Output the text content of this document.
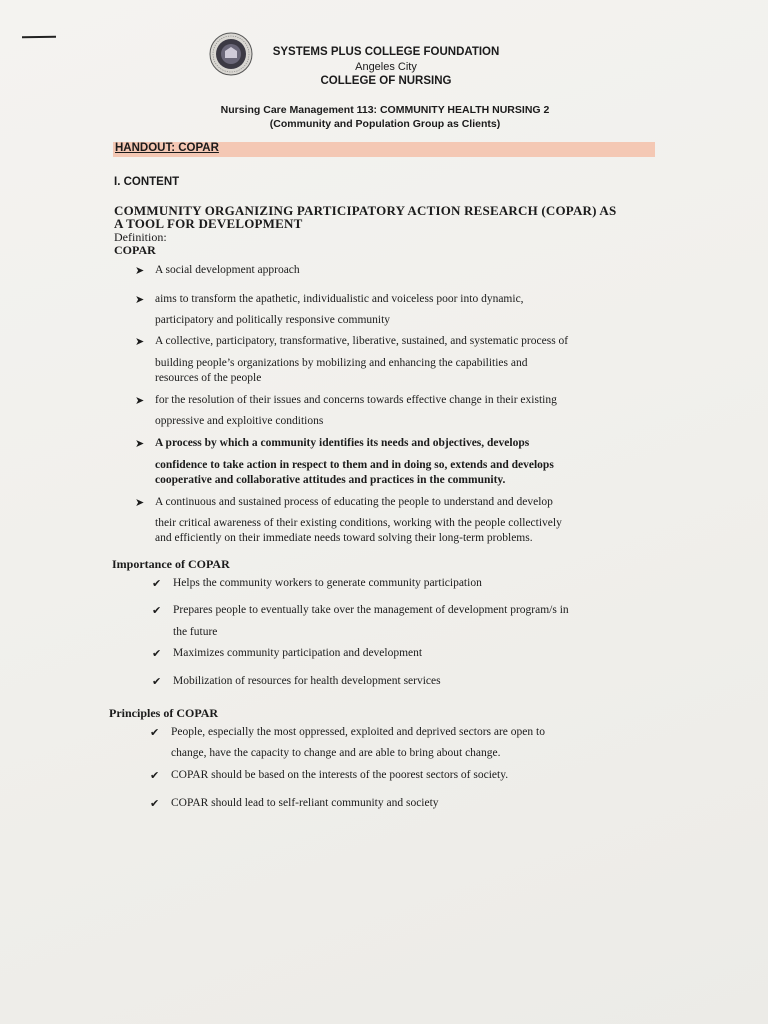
SYSTEMS PLUS COLLEGE FOUNDATION
Angeles City
COLLEGE OF NURSING
Nursing Care Management 113: COMMUNITY HEALTH NURSING 2
(Community and Population Group as Clients)
HANDOUT: COPAR
I. CONTENT
COMMUNITY ORGANIZING PARTICIPATORY ACTION RESEARCH (COPAR) AS
A TOOL FOR DEVELOPMENT
Definition:
COPAR
➤ A social development approach
➤ aims to transform the apathetic, individualistic and voiceless poor into dynamic,
participatory and politically responsive community
➤ A collective, participatory, transformative, liberative, sustained, and systematic process of
building people’s organizations by mobilizing and enhancing the capabilities and
resources of the people
➤ for the resolution of their issues and concerns towards effective change in their existing
oppressive and exploitive conditions
➤ A process by which a community identifies its needs and objectives, develops
confidence to take action in respect to them and in doing so, extends and develops
cooperative and collaborative attitudes and practices in the community.
➤ A continuous and sustained process of educating the people to understand and develop
their critical awareness of their existing conditions, working with the people collectively
and efficiently on their immediate needs toward solving their long-term problems.
Importance of COPAR
✔ Helps the community workers to generate community participation
✔ Prepares people to eventually take over the management of development program/s in
the future
✔ Maximizes community participation and development
✔ Mobilization of resources for health development services
Principles of COPAR
✔ People, especially the most oppressed, exploited and deprived sectors are open to
change, have the capacity to change and are able to bring about change.
✔ COPAR should be based on the interests of the poorest sectors of society.
✔ COPAR should lead to self-reliant community and society
